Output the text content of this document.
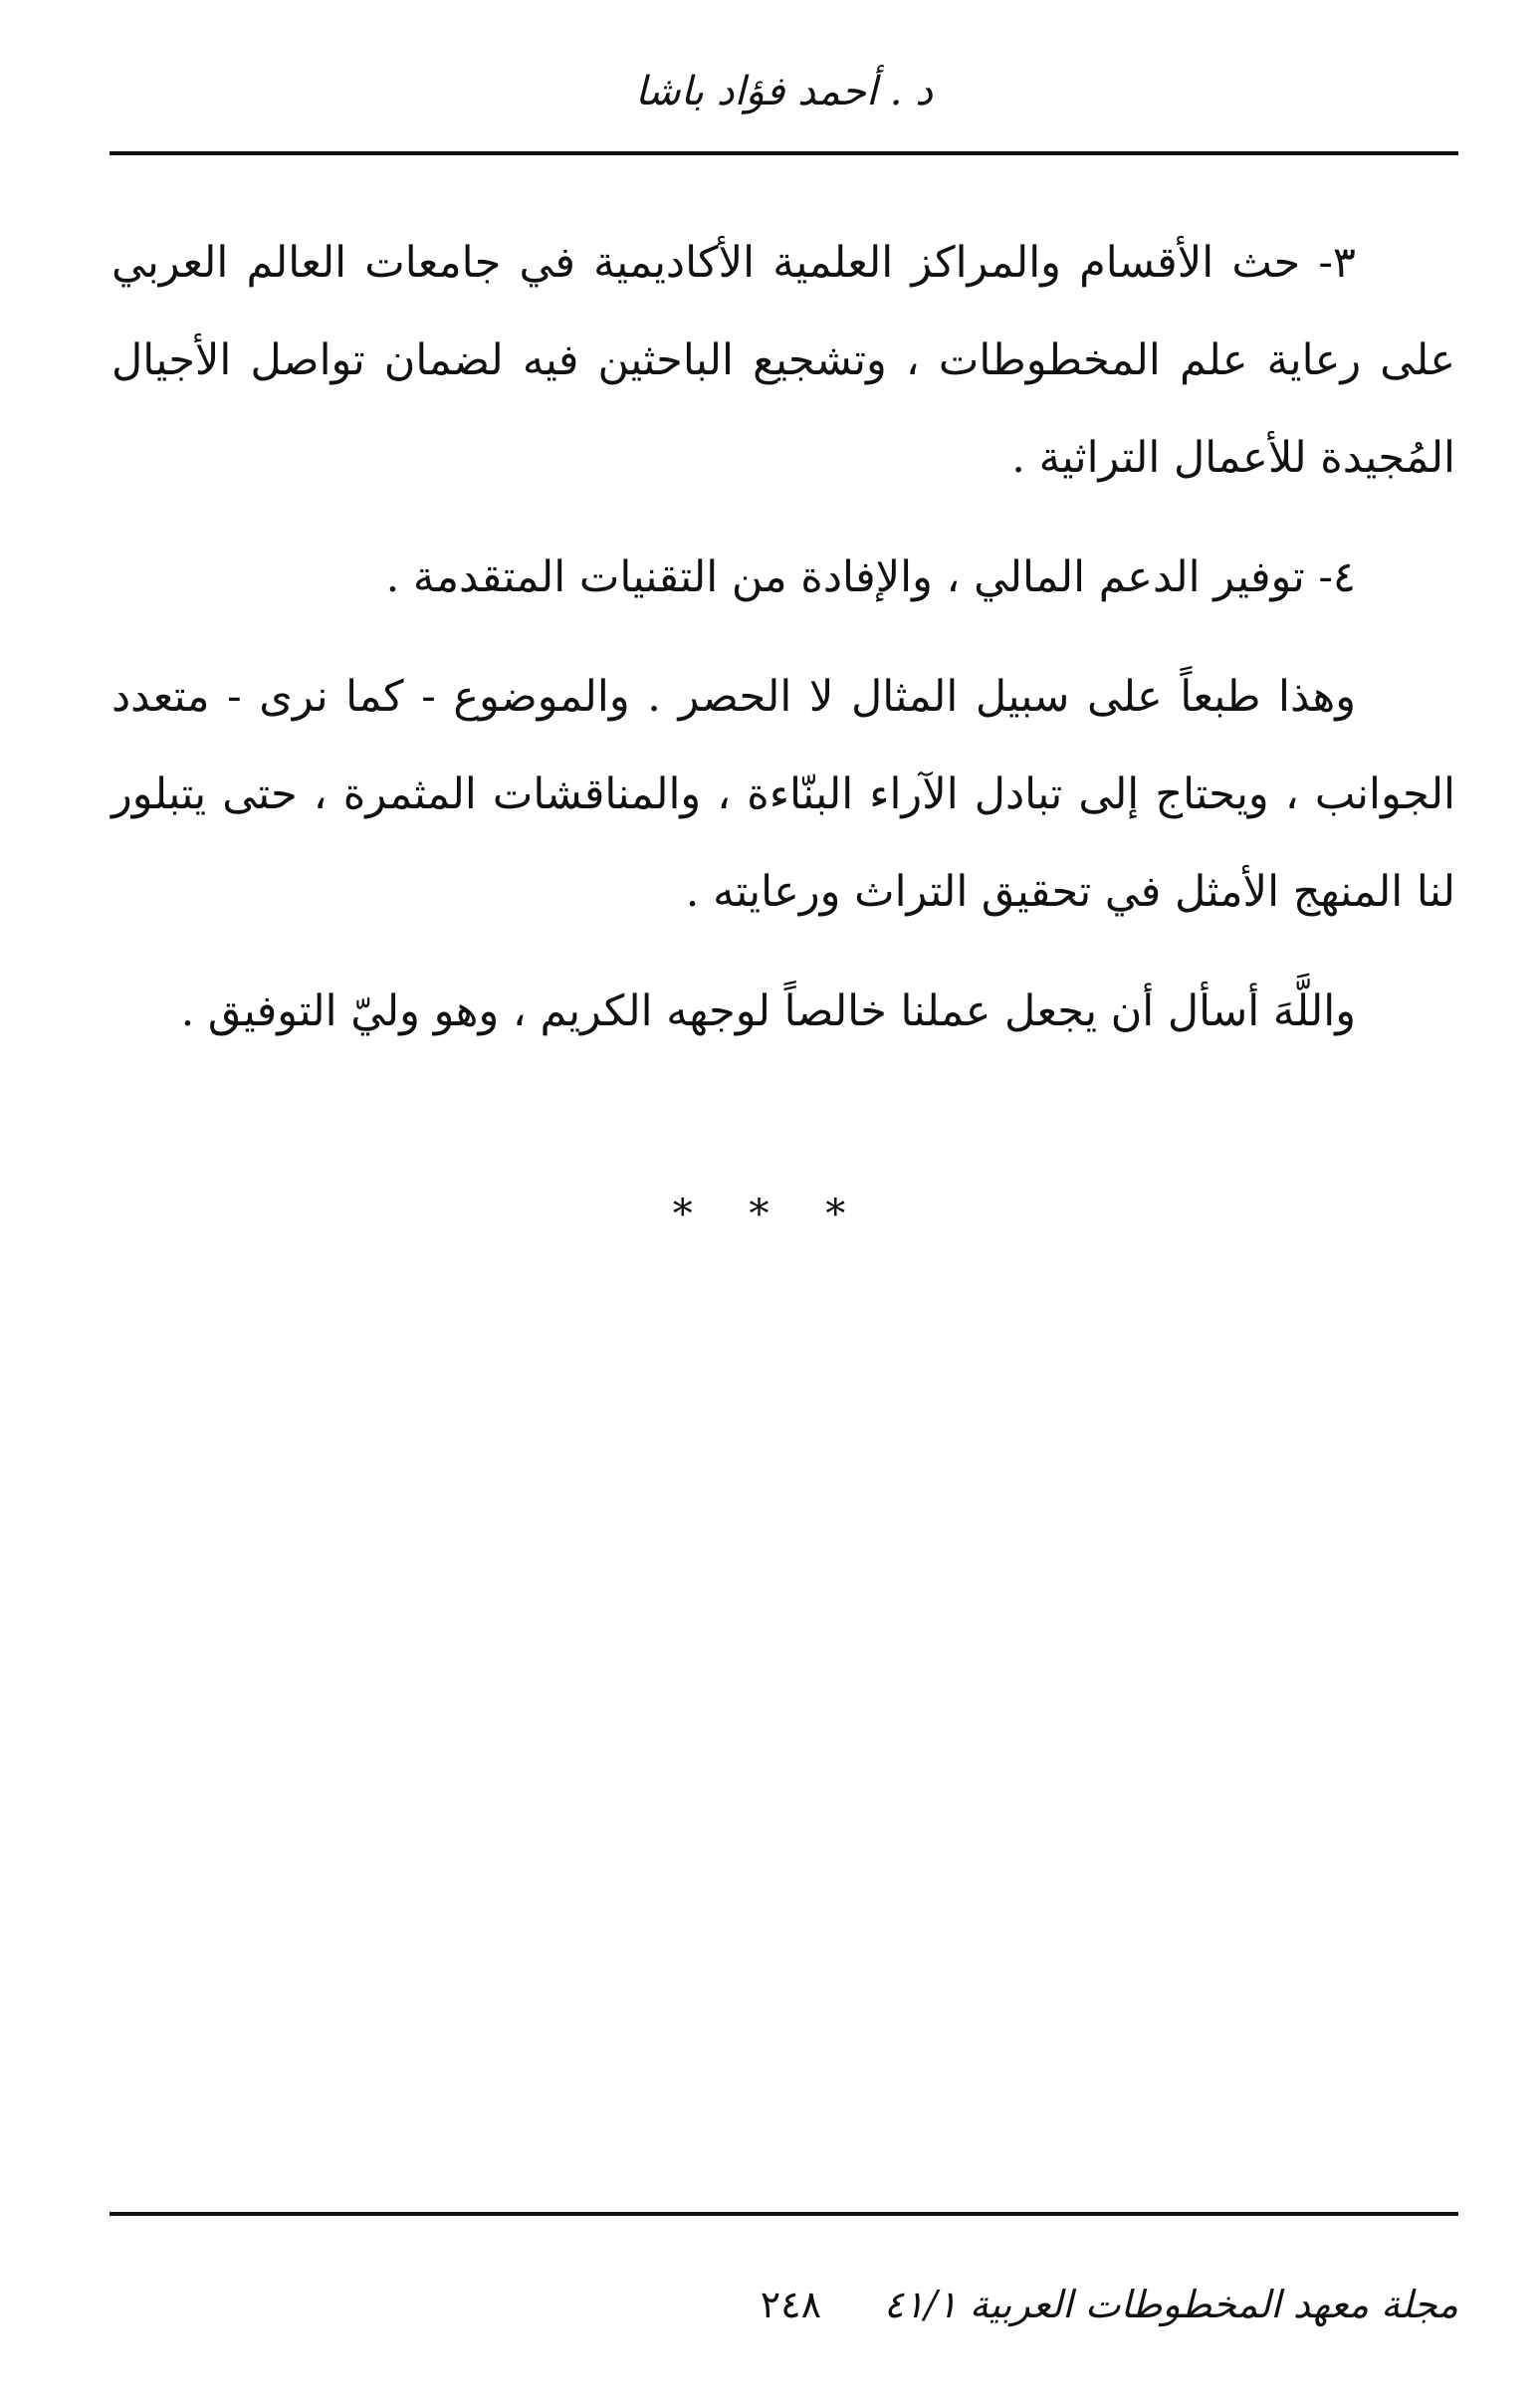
د . أحمد فؤاد باشا

٣- حث الأقسام والمراكز العلمية الأكاديمية في جامعات العالم العربي على رعاية علم المخطوطات ، وتشجيع الباحثين فيه لضمان تواصل الأجيال المُجيدة للأعمال التراثية .

٤- توفير الدعم المالي ، والإفادة من التقنيات المتقدمة .

وهذا طبعاً على سبيل المثال لا الحصر . والموضوع - كما نرى - متعدد الجوانب ، ويحتاج إلى تبادل الآراء البنّاءة ، والمناقشات المثمرة ، حتى يتبلور لنا المنهج الأمثل في تحقيق التراث ورعايته .

واللَّهَ أسأل أن يجعل عملنا خالصاً لوجهه الكريم ، وهو وليّ التوفيق .

* * *
مجلة معهد المخطوطات العربية ٤١/١
٢٤٨
